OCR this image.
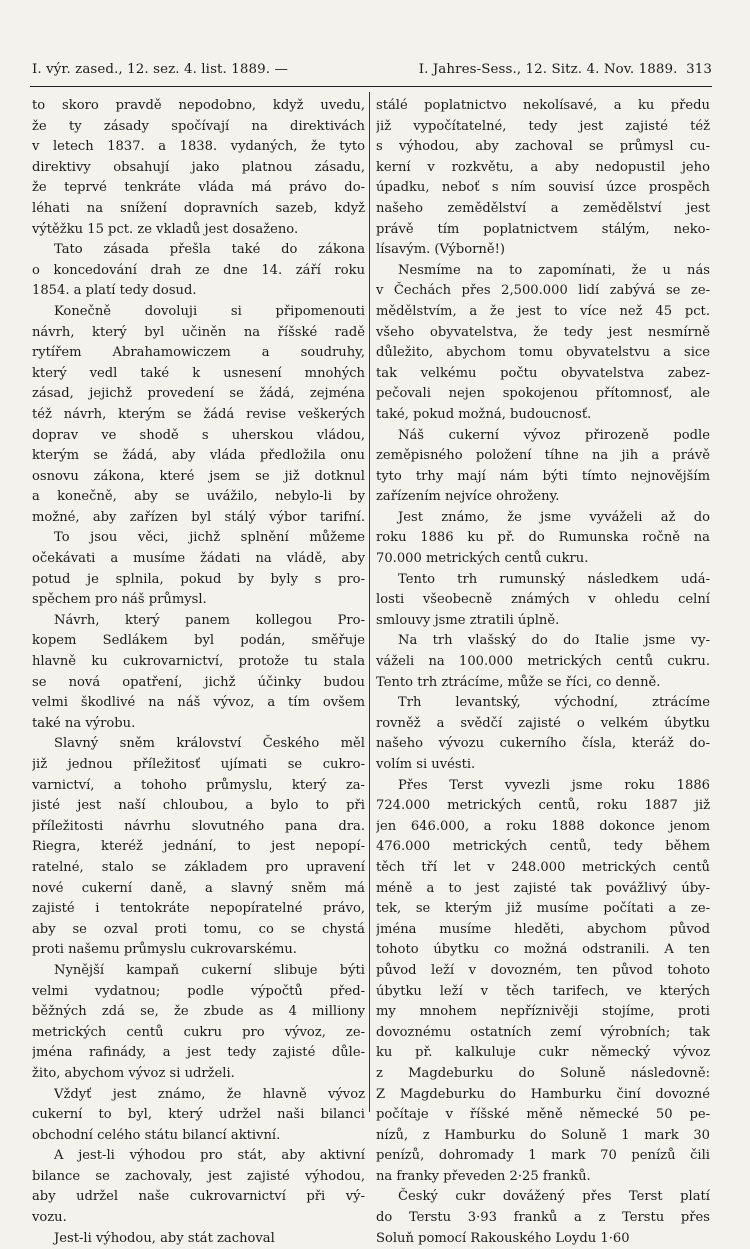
I. výr. zased., 12. sez. 4. list. 1889. —	I. Jahres-Sess., 12. Sitz. 4. Nov. 1889. 313
to skoro pravdě nepodobno, když uvedu,
že ty zásady spočívají na direktivách
v letech 1837. a 1838. vydaných, že tyto
direktivy obsahují jako platnou zásadu,
že teprvé tenkráte vláda má právo do-
léhati na snížení dopravních sazeb, když
výtěžku 15 pct. ze vkladů jest dosaženo.
Tato zásada přešla také do zákona
o koncedování drah ze dne 14. září roku
1854. a platí tedy dosud.
Konečně dovoluji si připomenouti
návrh, který byl učiněn na říšské radě
rytířem Abrahamowiczem a soudruhy,
který vedl také k usnesení mnohých
zásad, jejichž provedení se žádá, zejména
též návrh, kterým se žádá revise veškerých
doprav ve shodě s uherskou vládou,
kterým se žádá, aby vláda předložila onu
osnovu zákona, které jsem se již dotknul
a konečně, aby se uvážilo, nebylo-li by
možné, aby zařízen byl stálý výbor tarifní.
To jsou věci, jichž splnění můžeme
očekávati a musíme žádati na vládě, aby
potud je splnila, pokud by byly s pro-
spěchem pro náš průmysl.
Návrh, který panem kollegou Pro-
kopem Sedlákem byl podán, směřuje
hlavně ku cukrovarnictví, protože tu stala
se nová opatření, jichž účinky budou
velmi škodlivé na náš vývoz, a tím ovšem
také na výrobu.
Slavný sněm království Českého měl
již jednou příležitosť ujímati se cukro-
varnictví, a tohoho průmyslu, který za-
jisté jest naší chloubou, a bylo to při
příležitosti návrhu slovutného pana dra.
Riegra, kteréž jednání, to jest nepopí-
ratelné, stalo se základem pro upravení
nové cukerní daně, a slavný sněm má
zajisté i tentokráte nepopíratelné právo,
aby se ozval proti tomu, co se chystá
proti našemu průmyslu cukrovarskému.
Nynější kampaň cukerní slibuje býti
velmi vydatnou; podle výpočtů před-
běžných zdá se, že zbude as 4 milliony
metrických centů cukru pro vývoz, ze-
jména rafinády, a jest tedy zajisté důle-
žito, abychom vývoz si udrželi.
Vždyť jest známo, že hlavně vývoz
cukerní to byl, který udržel naši bilanci
obchodní celého státu bilancí aktivní.
A jest-li výhodou pro stát, aby aktivní
bilance se zachovaly, jest zajisté výhodou,
aby udržel naše cukrovarnictví při vý-
vozu.
Jest-li výhodou, aby stát zachoval
stálé poplatnictvo nekolísavé, a ku předu
již vypočítatelné, tedy jest zajisté též
s výhodou, aby zachoval se průmysl cu-
kerní v rozkvětu, a aby nedopustil jeho
úpadku, neboť s ním souvisí úzce prospěch
našeho zemědělství a zemědělství jest
právě tím poplatnictvem stálým, neko-
lísavým. (Výborně!)
Nesmíme na to zapomínati, že u nás
v Čechách přes 2,500.000 lidí zabývá se ze-
mědělstvím, a že jest to více než 45 pct.
všeho obyvatelstva, že tedy jest nesmírně
důležito, abychom tomu obyvatelstvu a sice
tak velkému počtu obyvatelstva zabez-
pečovali nejen spokojenou přítomnosť, ale
také, pokud možná, budoucnosť.
Náš cukerní vývoz přirozeně podle
zeměpisného položení tíhne na jih a právě
tyto trhy mají nám býti tímto nejnovějším
zařízením nejvíce ohroženy.
Jest známo, že jsme vyváželi až do
roku 1886 ku př. do Rumunska ročně na
70.000 metrických centů cukru.
Tento trh rumunský následkem udá-
losti všeobecně známých v ohledu celní
smlouvy jsme ztratili úplně.
Na trh vlašský do do Italie jsme vy-
váželi na 100.000 metrických centů cukru.
Tento trh ztrácíme, může se říci, co denně.
Trh levantský, východní, ztrácíme
rovněž a svědčí zajisté o velkém úbytku
našeho vývozu cukerního čísla, kteráž do-
volím si uvésti.
Přes Terst vyvezli jsme roku 1886
724.000 metrických centů, roku 1887 již
jen 646.000, a roku 1888 dokonce jenom
476.000 metrických centů, tedy během
těch tří let v 248.000 metrických centů
méně a to jest zajisté tak povážlivý úby-
tek, se kterým již musíme počítati a ze-
jména musíme hleděti, abychom původ
tohoto úbytku co možná odstranili. A ten
původ leží v dovozném, ten původ tohoto
úbytku leží v těch tarifech, ve kterých
my mnohem nepříznivěji stojíme, proti
dovoznému ostatních zemí výrobních; tak
ku př. kalkuluje cukr německý vývoz
z Magdeburku do Soluně následovně:
Z Magdeburku do Hamburku činí dovozné
počítaje v říšské měně německé 50 pe-
nízů, z Hamburku do Soluně 1 mark 30
penízů, dohromady 1 mark 70 penízů čili
na franky převeden 2·25 franků.
Český cukr dovážený přes Terst platí
do Terstu 3·93 franků a z Terstu přes
Soluň pomocí Rakouského Loydu 1·60
